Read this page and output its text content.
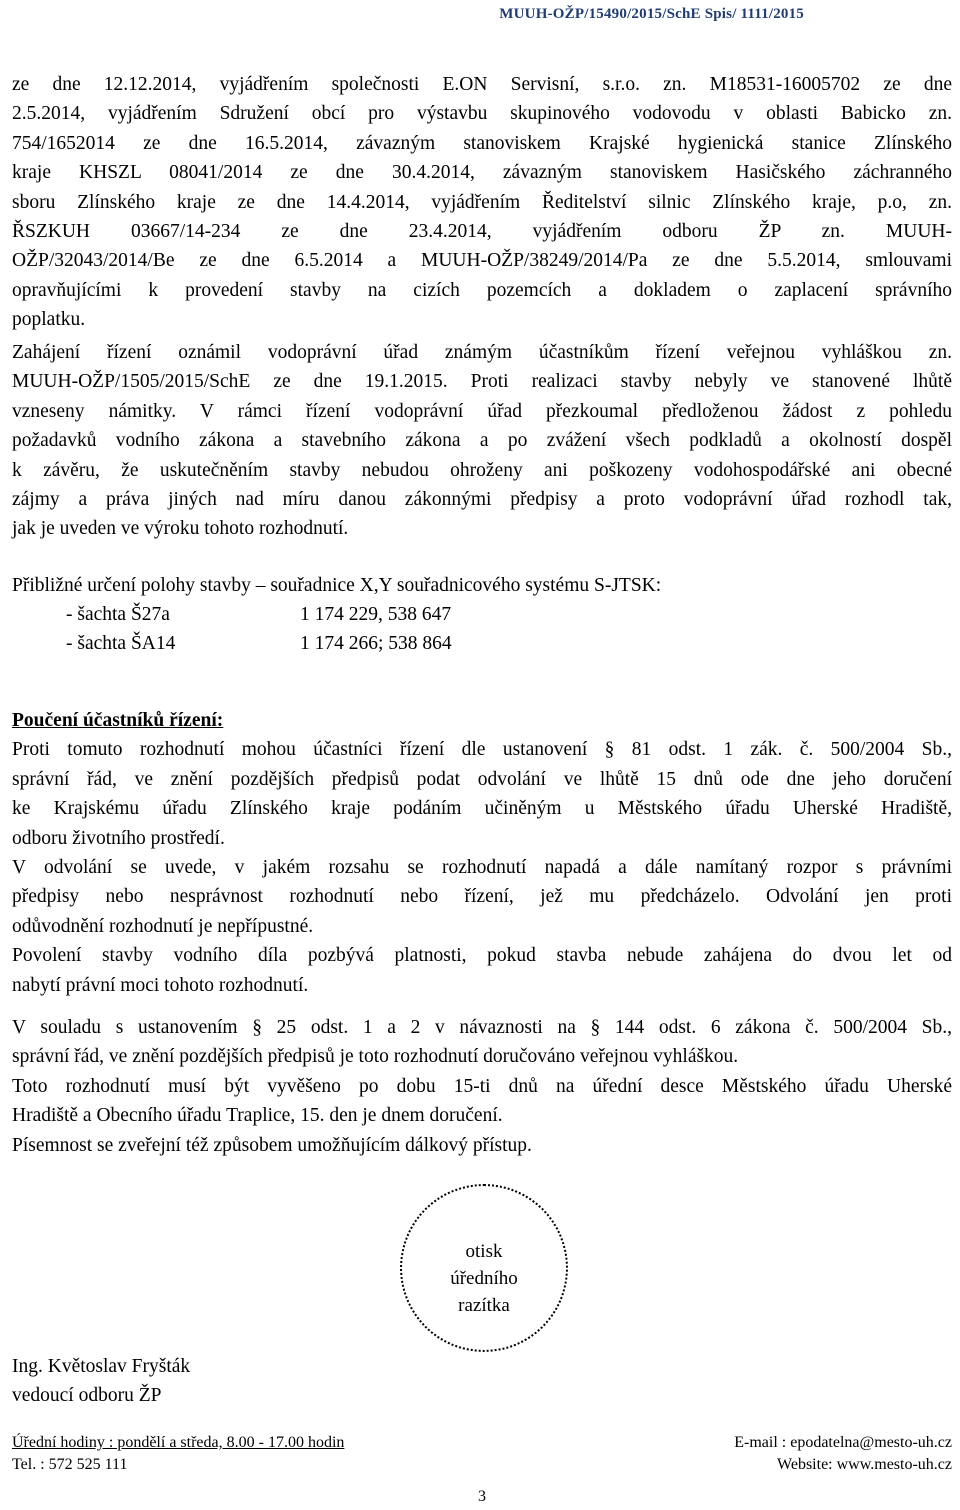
MUUH-OŽP/15490/2015/SchE Spis/ 1111/2015
ze dne 12.12.2014, vyjádřením společnosti E.ON Servisní, s.r.o. zn. M18531-16005702 ze dne
2.5.2014, vyjádřením Sdružení obcí pro výstavbu skupinového vodovodu v oblasti Babicko zn.
754/1652014 ze dne 16.5.2014, závazným stanoviskem Krajské hygienická stanice Zlínského
kraje KHSZL 08041/2014 ze dne 30.4.2014, závazným stanoviskem Hasičského záchranného
sboru Zlínského kraje ze dne 14.4.2014, vyjádřením Ředitelství silnic Zlínského kraje, p.o, zn.
ŘSZKUH 03667/14-234 ze dne 23.4.2014, vyjádřením odboru ŽP zn. MUUH-
OŽP/32043/2014/Be ze dne 6.5.2014 a MUUH-OŽP/38249/2014/Pa ze dne 5.5.2014, smlouvami
opravňujícími k provedení stavby na cizích pozemcích a dokladem o zaplacení správního
poplatku.
Zahájení řízení oznámil vodoprávní úřad známým účastníkům řízení veřejnou vyhláškou zn.
MUUH-OŽP/1505/2015/SchE ze dne 19.1.2015. Proti realizaci stavby nebyly ve stanovené lhůtě
vzneseny námitky. V rámci řízení vodoprávní úřad přezkoumal předloženou žádost z pohledu
požadavků vodního zákona a stavebního zákona a po zvážení všech podkladů a okolností dospěl
k závěru, že uskutečněním stavby nebudou ohroženy ani poškozeny vodohospodářské ani obecné
zájmy a práva jiných nad míru danou zákonnými předpisy a proto vodoprávní úřad rozhodl tak,
jak je uveden ve výroku tohoto rozhodnutí.
Přibližné určení polohy stavby – souřadnice X,Y souřadnicového systému S-JTSK:
- šachta Š27a	1 174 229, 538 647
- šachta ŠA14	1 174 266; 538 864
Poučení účastníků řízení:
Proti tomuto rozhodnutí mohou účastníci řízení dle ustanovení § 81 odst. 1 zák. č. 500/2004 Sb.,
správní řád, ve znění pozdějších předpisů podat odvolání ve lhůtě 15 dnů ode dne jeho doručení
ke Krajskému úřadu Zlínského kraje podáním učiněným u Městského úřadu Uherské Hradiště,
odboru životního prostředí.
V odvolání se uvede, v jakém rozsahu se rozhodnutí napadá a dále namítaný rozpor s právními
předpisy nebo nesprávnost rozhodnutí nebo řízení, jež mu předcházelo. Odvolání jen proti
odůvodnění rozhodnutí je nepřípustné.
Povolení stavby vodního díla pozbývá platnosti, pokud stavba nebude zahájena do dvou let od
nabytí právní moci tohoto rozhodnutí.
V souladu s ustanovením § 25 odst. 1 a 2 v návaznosti na § 144 odst. 6 zákona č. 500/2004 Sb.,
správní řád, ve znění pozdějších předpisů je toto rozhodnutí doručováno veřejnou vyhláškou.
Toto rozhodnutí musí být vyvěšeno po dobu 15-ti dnů na úřední desce Městského úřadu Uherské
Hradiště a Obecního úřadu Traplice, 15. den je dnem doručení.
Písemnost se zveřejní též způsobem umožňujícím dálkový přístup.
otisk
úředního
razítka
Ing. Květoslav Fryšták
vedoucí odboru ŽP
Úřední hodiny : pondělí a středa, 8.00 - 17.00 hodin	E-mail : epodatelna@mesto-uh.cz
Tel. : 572 525 111	Website: www.mesto-uh.cz
3
